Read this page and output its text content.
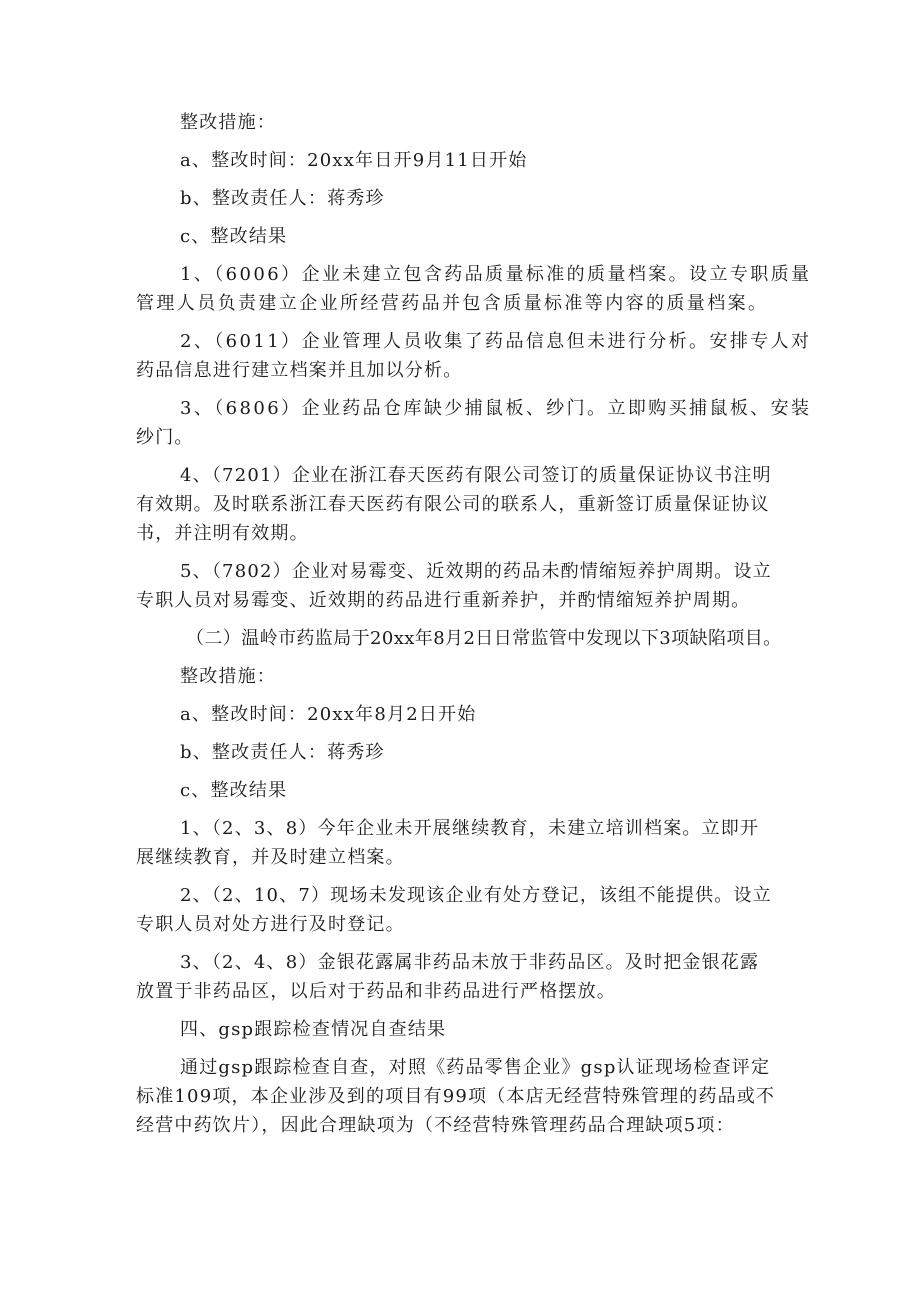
整改措施：
a、整改时间：20xx年日开9月11日开始
b、整改责任人：蒋秀珍
c、整改结果
1、（6006）企业未建立包含药品质量标准的质量档案。设立专职质量
管理人员负责建立企业所经营药品并包含质量标准等内容的质量档案。
2、（6011）企业管理人员收集了药品信息但未进行分析。安排专人对
药品信息进行建立档案并且加以分析。
3、（6806）企业药品仓库缺少捕鼠板、纱门。立即购买捕鼠板、安装
纱门。
4、（7201）企业在浙江春天医药有限公司签订的质量保证协议书注明
有效期。及时联系浙江春天医药有限公司的联系人，重新签订质量保证协议
书，并注明有效期。
5、（7802）企业对易霉变、近效期的药品未酌情缩短养护周期。设立
专职人员对易霉变、近效期的药品进行重新养护，并酌情缩短养护周期。
（二）温岭市药监局于20xx年8月2日日常监管中发现以下3项缺陷项目。
整改措施：
a、整改时间：20xx年8月2日开始
b、整改责任人：蒋秀珍
c、整改结果
1、（2、3、8）今年企业未开展继续教育，未建立培训档案。立即开
展继续教育，并及时建立档案。
2、（2、10、7）现场未发现该企业有处方登记，该组不能提供。设立
专职人员对处方进行及时登记。
3、（2、4、8）金银花露属非药品未放于非药品区。及时把金银花露
放置于非药品区，以后对于药品和非药品进行严格摆放。
四、gsp跟踪检查情况自查结果
通过gsp跟踪检查自查，对照《药品零售企业》gsp认证现场检查评定
标准109项，本企业涉及到的项目有99项（本店无经营特殊管理的药品或不
经营中药饮片），因此合理缺项为（不经营特殊管理药品合理缺项5项：
